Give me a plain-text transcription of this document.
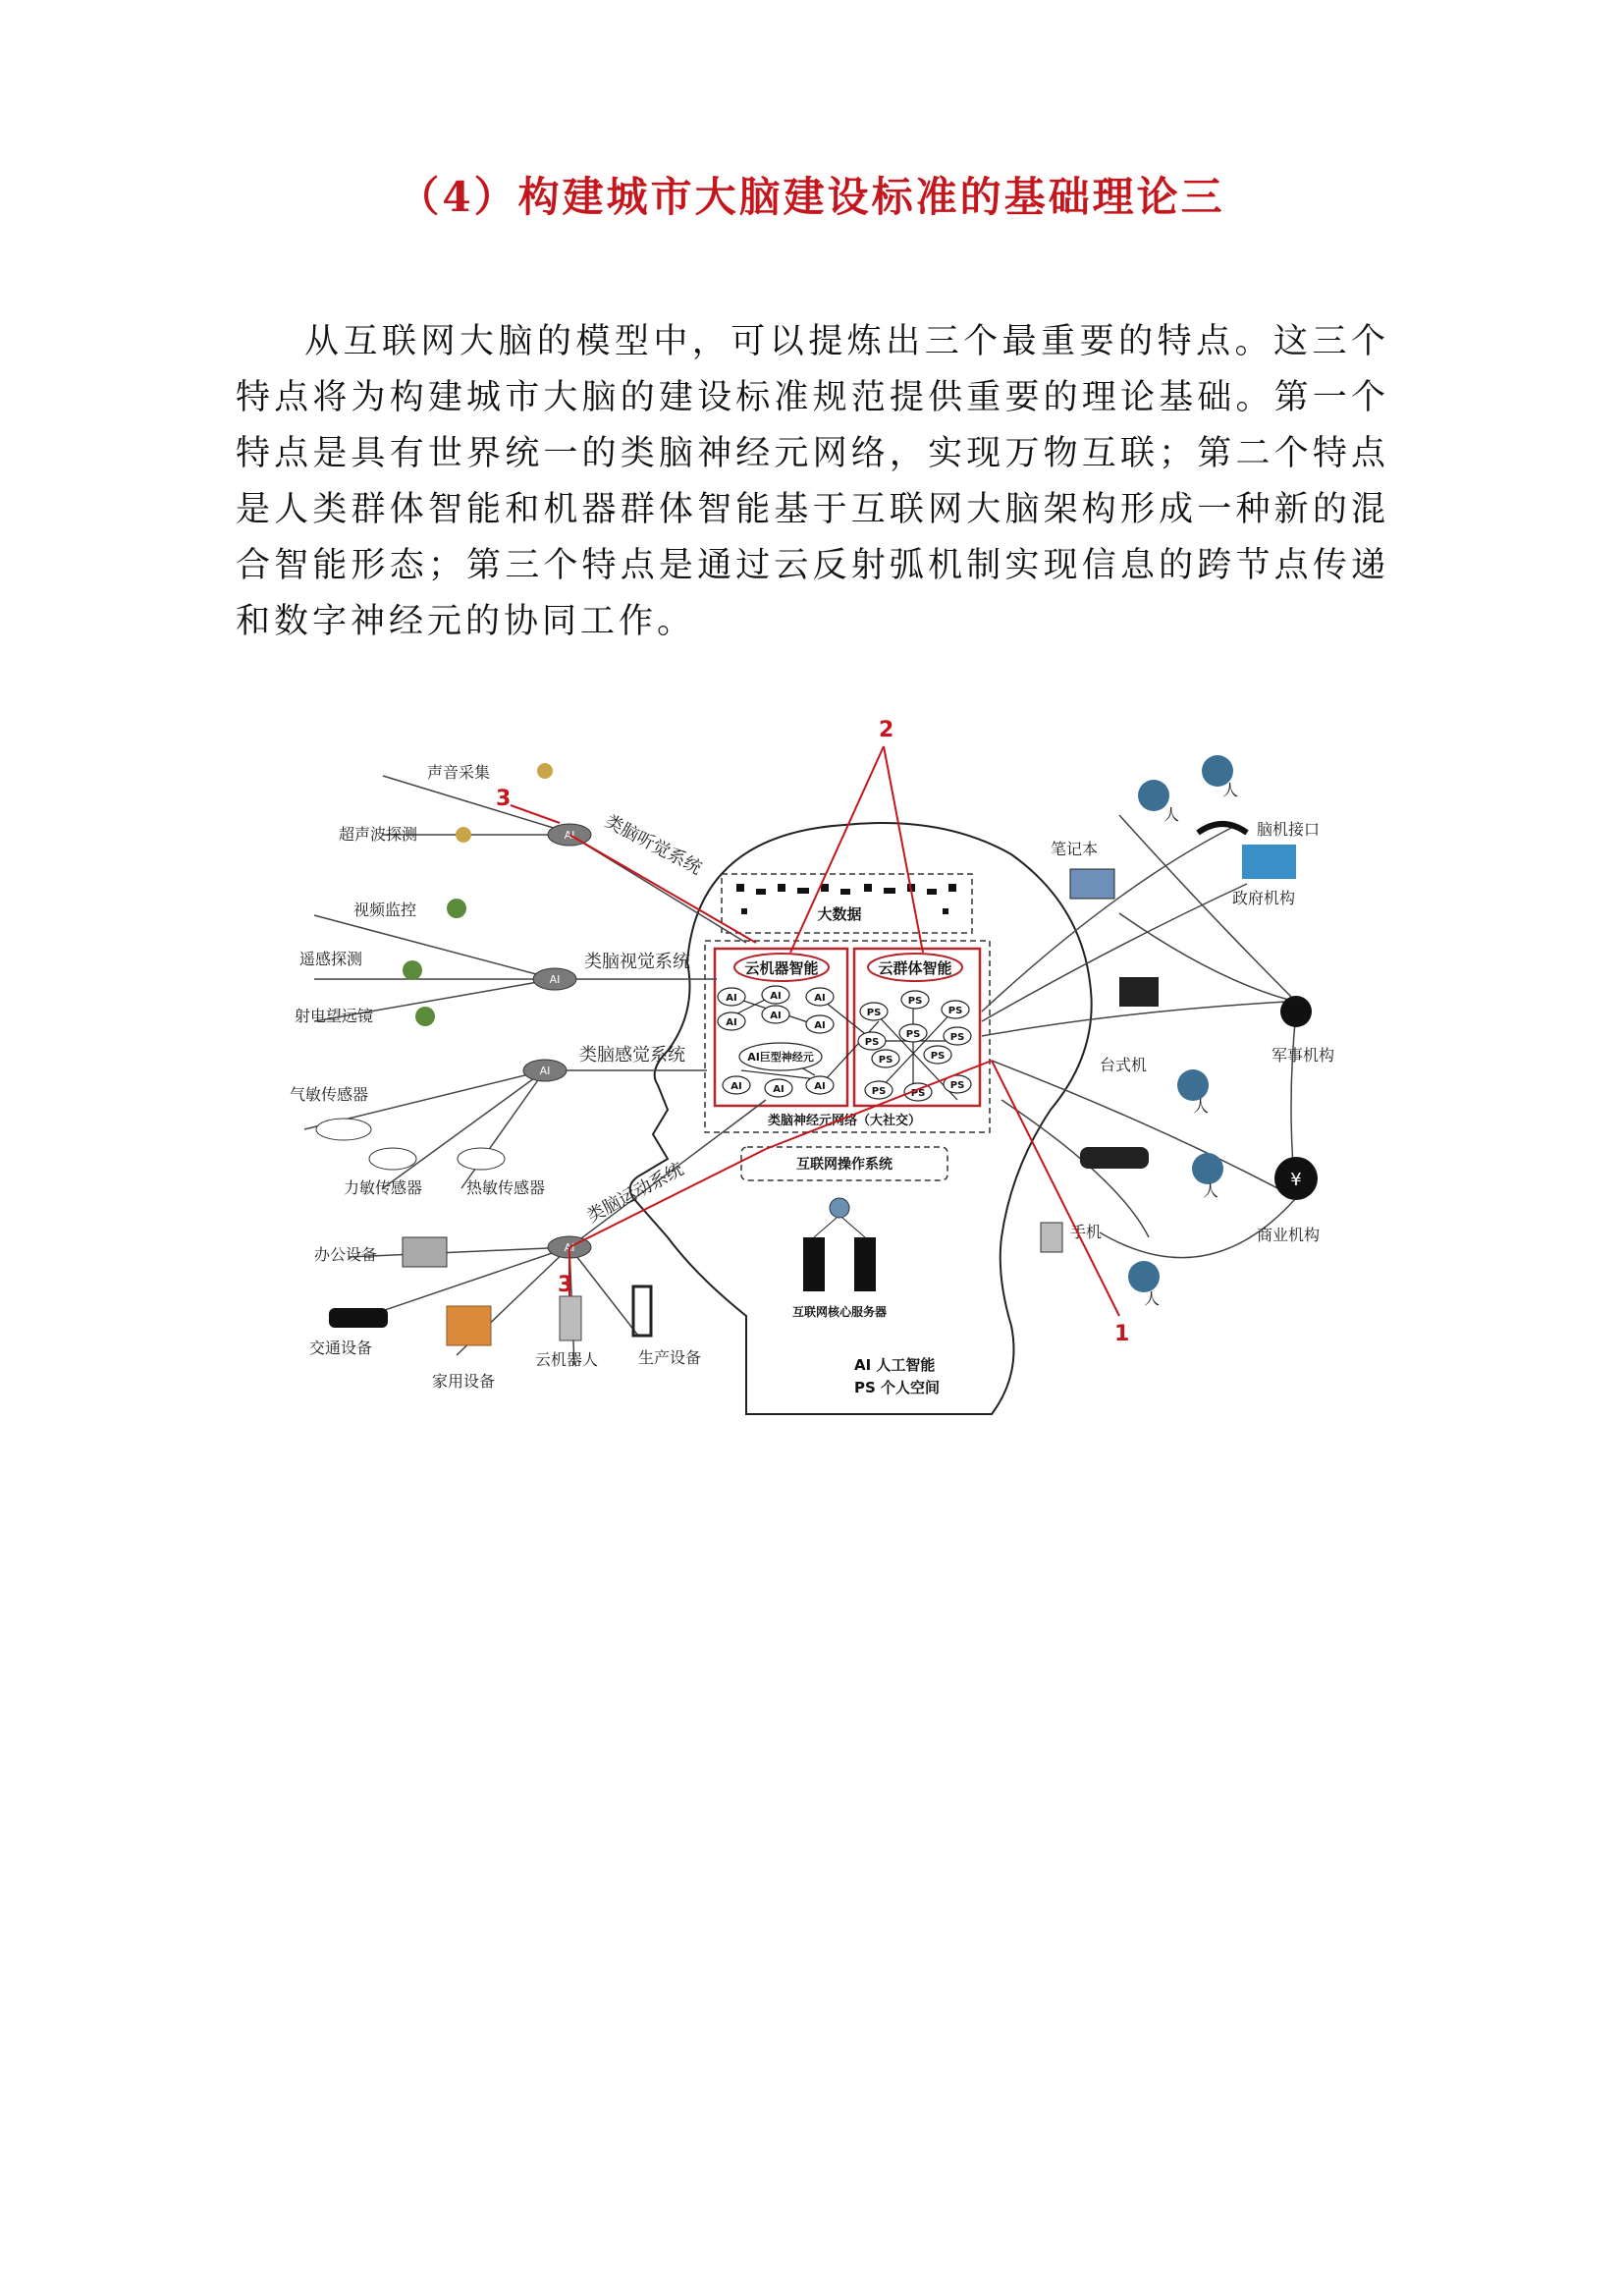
（4）构建城市大脑建设标准的基础理论三
从互联网大脑的模型中，可以提炼出三个最重要的特点。这三个特点将为构建城市大脑的建设标准规范提供重要的理论基础。第一个特点是具有世界统一的类脑神经元网络，实现万物互联；第二个特点是人类群体智能和机器群体智能基于互联网大脑架构形成一种新的混合智能形态；第三个特点是通过云反射弧机制实现信息的跨节点传递和数字神经元的协同工作。
大数据
云机器智能	云群体智能
AI	AI	AI
AI
AI
AI
AI	AI	AI
AI巨型神经元
PS
PS
PS
PS
PS	PS
PS	PS
PS	PS
PS
类脑神经元网络（大社交）
互联网操作系统
互联网核心服务器
AI 人工智能
PS 个人空间
AI
AI
AI
AI
声音采集
超声波探测
视频监控
遥感探测
射电望远镜
气敏传感器
力敏传感器	热敏传感器
办公设备
交通设备
家用设备
云机器人	生产设备
类脑听觉系统
类脑视觉系统
类脑感觉系统
类脑运动系统	¥
笔记本
脑机接口
政府机构
台式机
军事机构
手机	商业机构
人
人
人
人
人
2
3
3
1
